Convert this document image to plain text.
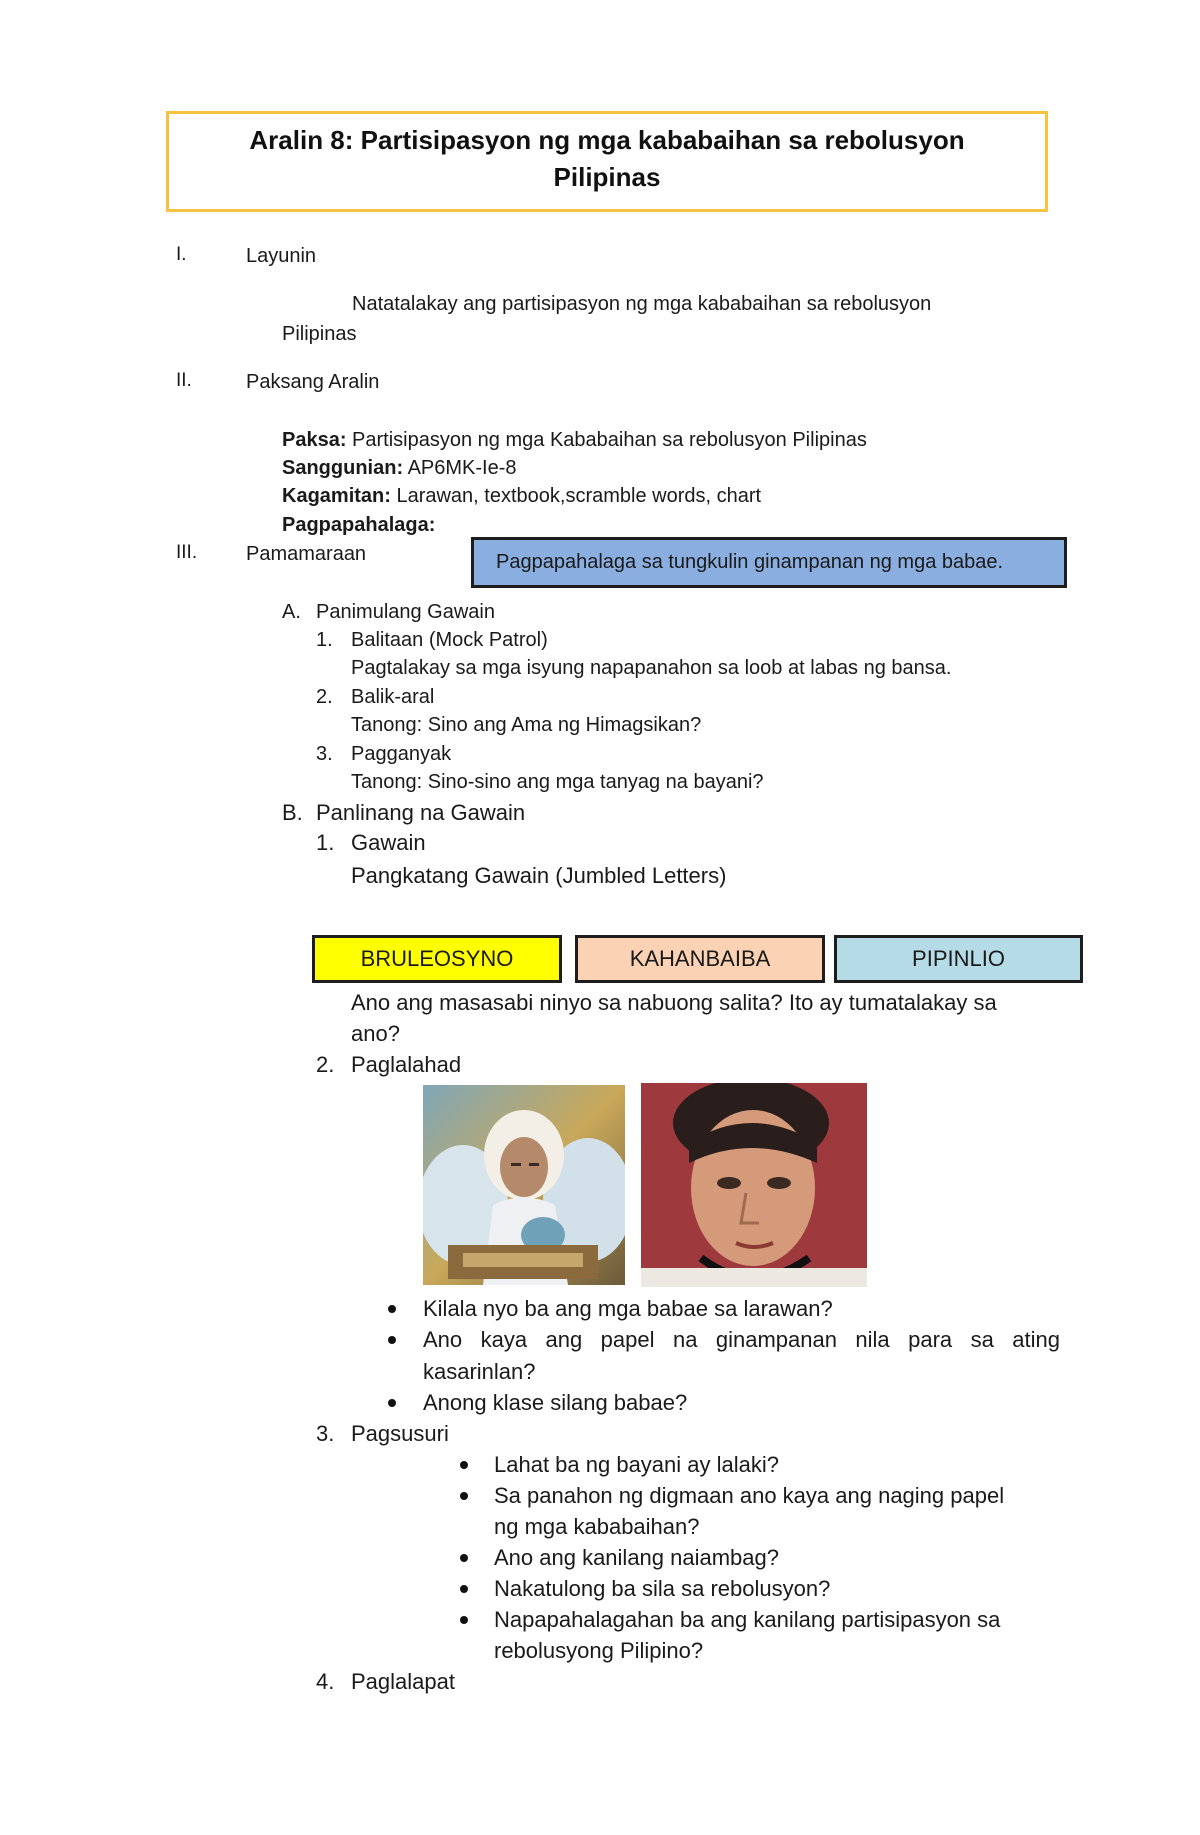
Aralin 8: Partisipasyon ng mga kababaihan sa rebolusyon Pilipinas
I.	Layunin
Natatalakay ang partisipasyon ng mga kababaihan sa rebolusyon
Pilipinas
II.	Paksang Aralin
Paksa: Partisipasyon ng mga Kababaihan sa rebolusyon Pilipinas
Sanggunian: AP6MK-Ie-8
Kagamitan: Larawan, textbook,scramble words, chart
Pagpapahalaga:
III. Pamamaraan	Pagpapahalaga sa tungkulin ginampanan ng mga babae.
A. Panimulang Gawain
1. Balitaan (Mock Patrol)
Pagtalakay sa mga isyung napapanahon sa loob at labas ng bansa.
2. Balik-aral
Tanong: Sino ang Ama ng Himagsikan?
3. Pagganyak
Tanong: Sino-sino ang mga tanyag na bayani?
B. Panlinang na Gawain
1. Gawain
Pangkatang Gawain (Jumbled Letters)
BRULEOSYNO	KAHANBAIBA	PIPINLIO
Ano ang masasabi ninyo sa nabuong salita? Ito ay tumatalakay sa
ano?
2. Paglalahad
Kilala nyo ba ang mga babae sa larawan?
Ano kaya ang papel na ginampanan nila para sa ating
kasarinlan?
Anong klase silang babae?
3. Pagsusuri
Lahat ba ng bayani ay lalaki?
Sa panahon ng digmaan ano kaya ang naging papel
ng mga kababaihan?
Ano ang kanilang naiambag?
Nakatulong ba sila sa rebolusyon?
Napapahalagahan ba ang kanilang partisipasyon sa
rebolusyong Pilipino?
4. Paglalapat
